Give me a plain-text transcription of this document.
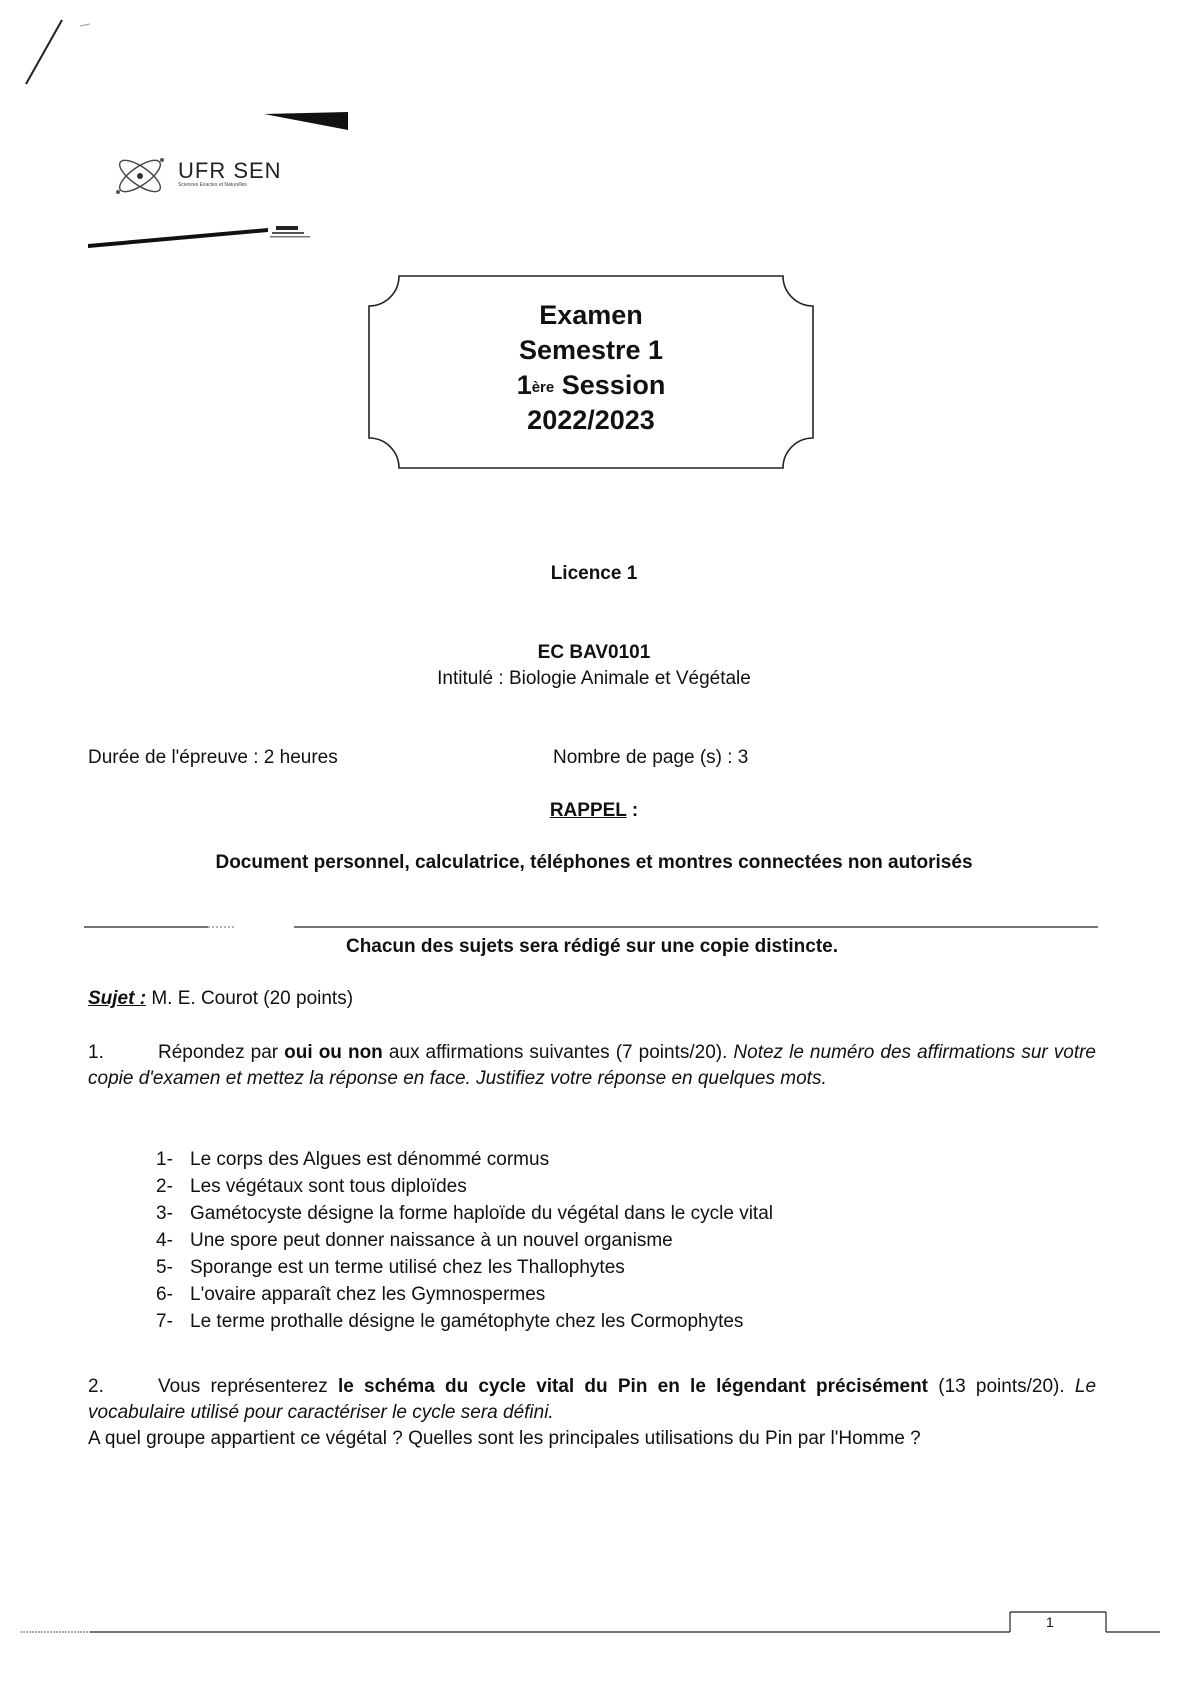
UFR SEN
Sciences Exactes et Naturelles
Examen
Semestre 1
1ère Session
2022/2023
Licence 1
EC BAV0101
Intitulé : Biologie Animale et Végétale
Durée de l'épreuve : 2 heures	Nombre de page (s) : 3
RAPPEL :
Document personnel, calculatrice, téléphones et montres connectées non autorisés
Chacun des sujets sera rédigé sur une copie distincte.
Sujet : M. E. Courot (20 points)
1.	Répondez par oui ou non aux affirmations suivantes (7 points/20). Notez le numéro des affirmations sur votre copie d'examen et mettez la réponse en face. Justifiez votre réponse en quelques mots.
1- Le corps des Algues est dénommé cormus
2- Les végétaux sont tous diploïdes
3- Gamétocyste désigne la forme haploïde du végétal dans le cycle vital
4- Une spore peut donner naissance à un nouvel organisme
5- Sporange est un terme utilisé chez les Thallophytes
6- L'ovaire apparaît chez les Gymnospermes
7- Le terme prothalle désigne le gamétophyte chez les Cormophytes
2.	Vous représenterez le schéma du cycle vital du Pin en le légendant précisément (13 points/20). Le vocabulaire utilisé pour caractériser le cycle sera défini.
A quel groupe appartient ce végétal ? Quelles sont les principales utilisations du Pin par l'Homme ?
1
